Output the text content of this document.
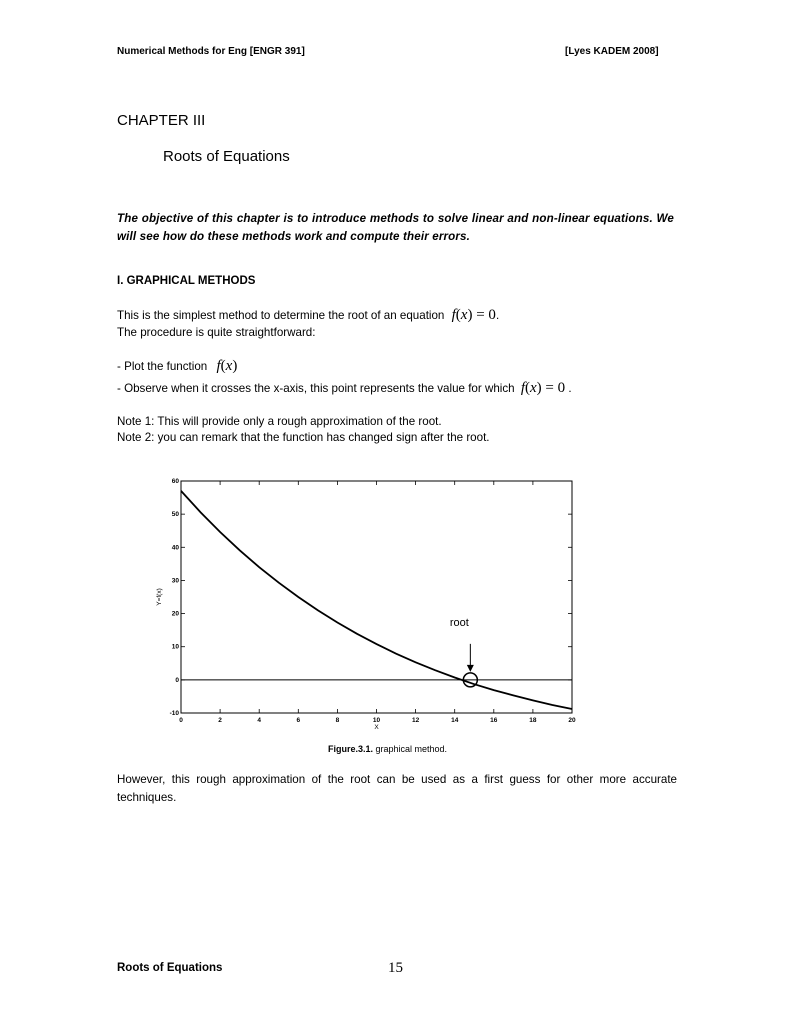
Numerical Methods for Eng [ENGR 391]	[Lyes KADEM 2008]
CHAPTER III
Roots of Equations
The objective of this chapter is to introduce methods to solve linear and non-linear equations. We will see how do these methods work and compute their errors.
I. GRAPHICAL METHODS
This is the simplest method to determine the root of an equation f(x) = 0.
The procedure is quite straightforward:
- Plot the function f(x)
- Observe when it crosses the x-axis, this point represents the value for which f(x) = 0 .
Note 1: This will provide only a rough approximation of the root.
Note 2: you can remark that the function has changed sign after the root.
0	2	4	6	8	10	12	14	16	18	20
-10
0
10
20
30
40
50
60
X
Y=f(x)
root
Figure.3.1. graphical method.
However, this rough approximation of the root can be used as a first guess for other more accurate techniques.
Roots of Equations	15
